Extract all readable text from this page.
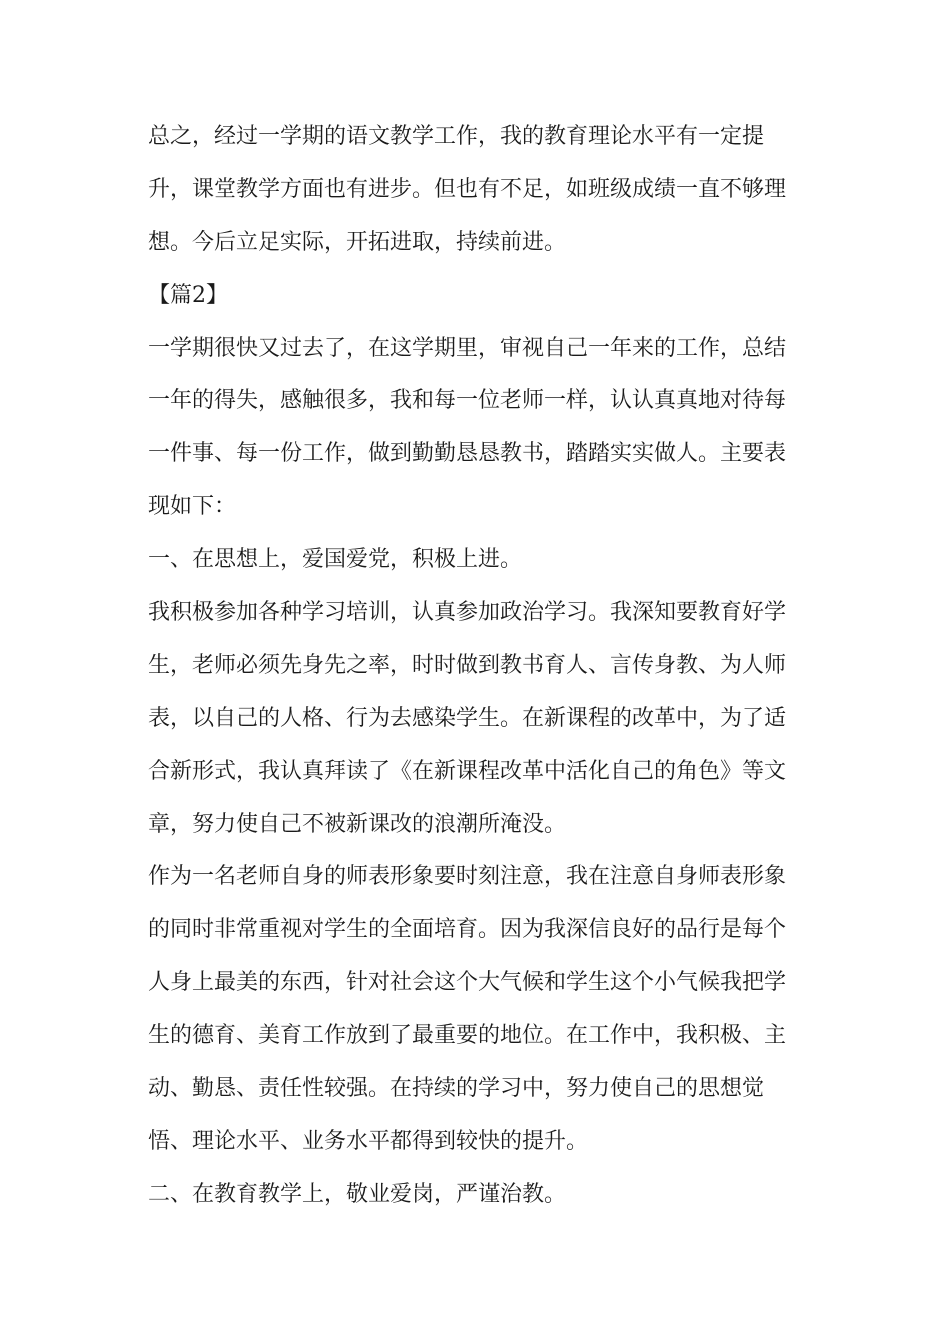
总之，经过一学期的语文教学工作，我的教育理论水平有一定提
升，课堂教学方面也有进步。但也有不足，如班级成绩一直不够理
想。今后立足实际，开拓进取，持续前进。
【篇2】
一学期很快又过去了，在这学期里，审视自己一年来的工作，总结
一年的得失，感触很多，我和每一位老师一样，认认真真地对待每
一件事、每一份工作，做到勤勤恳恳教书，踏踏实实做人。主要表
现如下：
一、在思想上，爱国爱党，积极上进。
我积极参加各种学习培训，认真参加政治学习。我深知要教育好学
生，老师必须先身先之率，时时做到教书育人、言传身教、为人师
表，以自己的人格、行为去感染学生。在新课程的改革中，为了适
合新形式，我认真拜读了《在新课程改革中活化自己的角色》等文
章，努力使自己不被新课改的浪潮所淹没。
作为一名老师自身的师表形象要时刻注意，我在注意自身师表形象
的同时非常重视对学生的全面培育。因为我深信良好的品行是每个
人身上最美的东西，针对社会这个大气候和学生这个小气候我把学
生的德育、美育工作放到了最重要的地位。在工作中，我积极、主
动、勤恳、责任性较强。在持续的学习中，努力使自己的思想觉
悟、理论水平、业务水平都得到较快的提升。
二、在教育教学上，敬业爱岗，严谨治教。
